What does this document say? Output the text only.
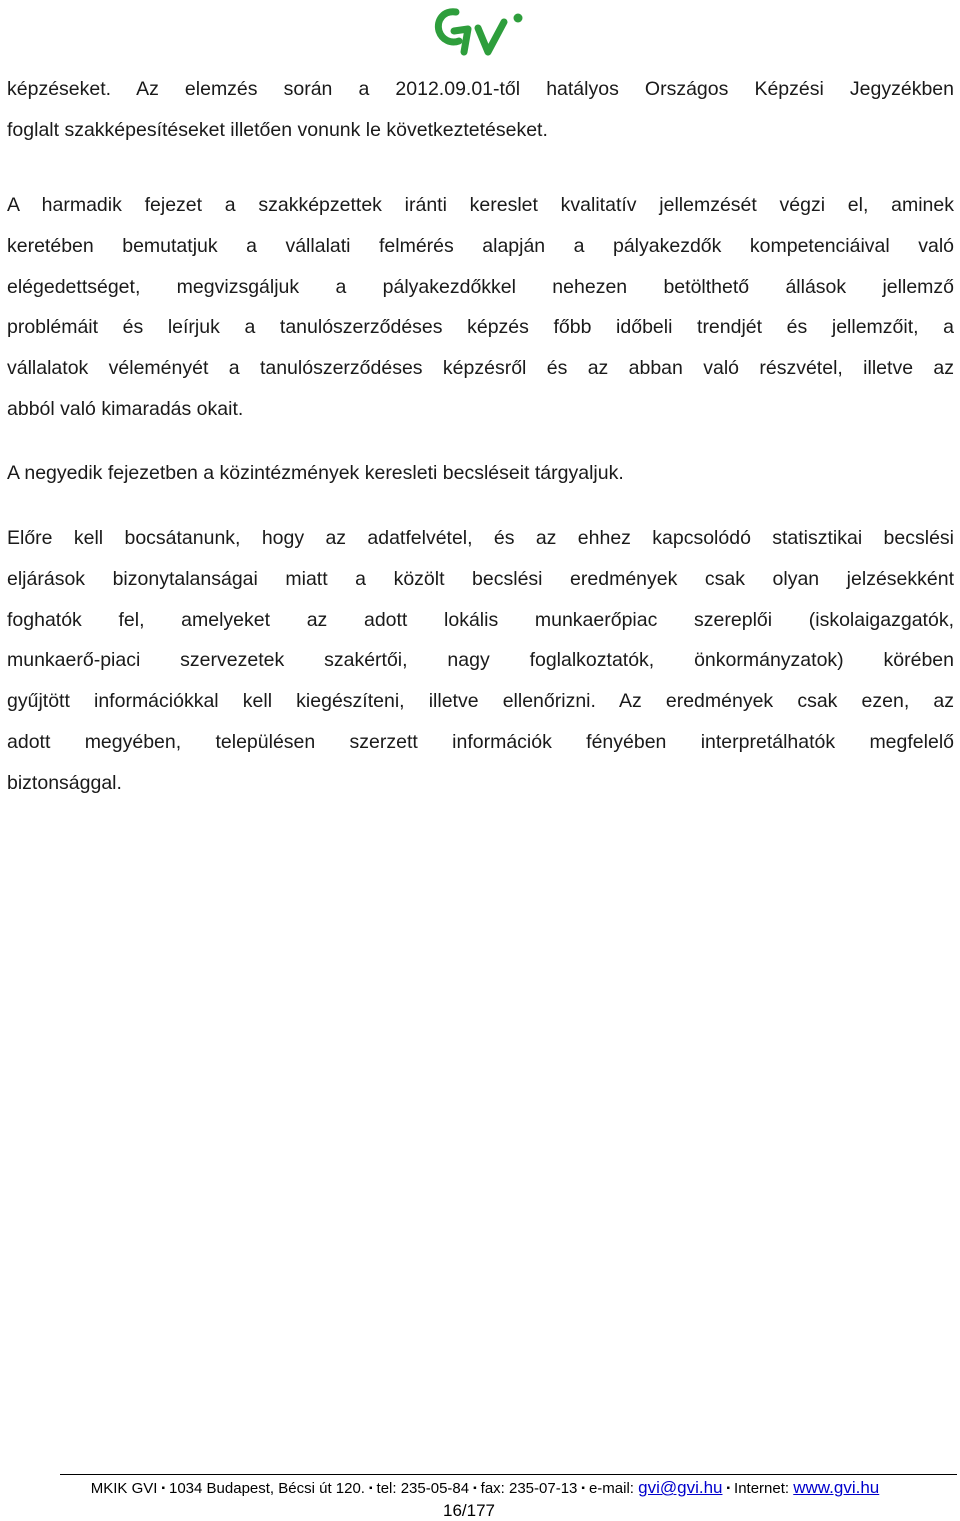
képzéseket. Az elemzés során a 2012.09.01-től hatályos Országos Képzési Jegyzékben
foglalt szakképesítéseket illetően vonunk le következtetéseket.
A harmadik fejezet a szakképzettek iránti kereslet kvalitatív jellemzését végzi el, aminek
keretében bemutatjuk a vállalati felmérés alapján a pályakezdők kompetenciáival való
elégedettséget, megvizsgáljuk a pályakezdőkkel nehezen betölthető állások jellemző
problémáit és leírjuk a tanulószerződéses képzés főbb időbeli trendjét és jellemzőit, a
vállalatok véleményét a tanulószerződéses képzésről és az abban való részvétel, illetve az
abból való kimaradás okait.
A negyedik fejezetben a közintézmények keresleti becsléseit tárgyaljuk.
Előre kell bocsátanunk, hogy az adatfelvétel, és az ehhez kapcsolódó statisztikai becslési
eljárások bizonytalanságai miatt a közölt becslési eredmények csak olyan jelzésekként
foghatók fel, amelyeket az adott lokális munkaerőpiac szereplői (iskolaigazgatók,
munkaerő-piaci szervezetek szakértői, nagy foglalkoztatók, önkormányzatok) körében
gyűjtött információkkal kell kiegészíteni, illetve ellenőrizni. Az eredmények csak ezen, az
adott megyében, településen szerzett információk fényében interpretálhatók megfelelő
biztonsággal.
MKIK GVI ▪ 1034 Budapest, Bécsi út 120. ▪ tel: 235-05-84 ▪ fax: 235-07-13 ▪ e-mail: gvi@gvi.hu ▪ Internet: www.gvi.hu
16/177
